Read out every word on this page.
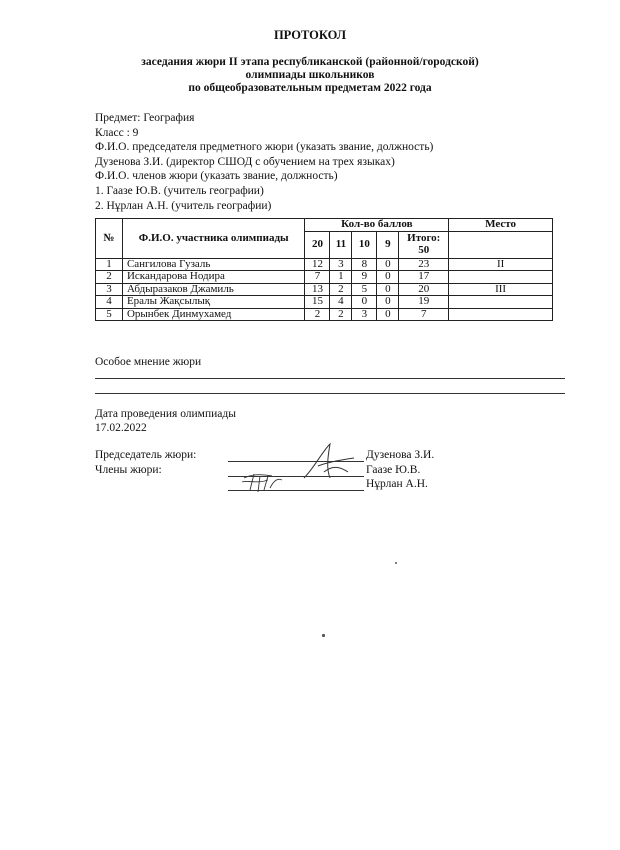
ПРОТОКОЛ
заседания жюри II этапа республиканской (районной/городской)
олимпиады школьников
по общеобразовательным предметам 2022 года
Предмет: География
Класс : 9
Ф.И.О. председателя предметного жюри (указать звание, должность)
Дузенова З.И. (директор СШОД с обучением на трех языках)
Ф.И.О. членов жюри (указать звание, должность)
1. Гаазе Ю.В. (учитель географии)
2. Нұрлан А.Н. (учитель географии)
№	Ф.И.О. участника олимпиады	Кол-во баллов					Место
		20	11	10	9	Итого:
50	

1	Сангилова Гузаль	12	3	8	0	23	II
2	Искандарова Нодира	7	1	9	0	17	
3	Абдыразаков Джамиль	13	2	5	0	20	III
4	Ералы Жақсылық	15	4	0	0	19	
5	Орынбек Динмухамед	2	2	3	0	7	
Особое мнение жюри
Дата проведения олимпиады
17.02.2022
Председатель жюри:
Члены жюри:
Дузенова З.И.
Гаазе Ю.В.
Нұрлан А.Н.
